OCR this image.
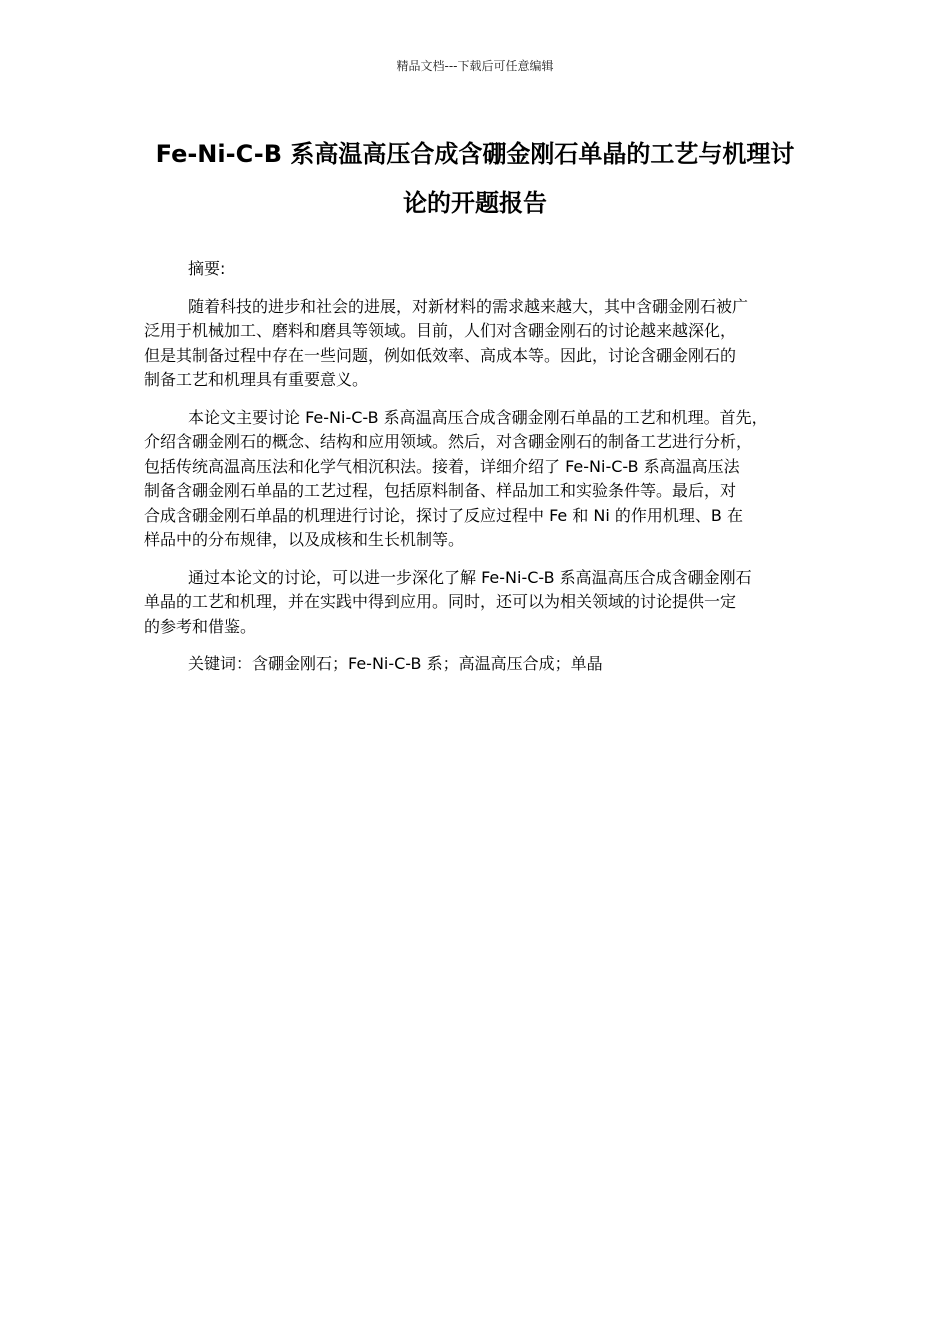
精品文档---下载后可任意编辑
Fe-Ni-C-B 系高温高压合成含硼金刚石单晶的工艺与机理讨
论的开题报告

摘要:

随着科技的进步和社会的进展，对新材料的需求越来越大，其中含硼金刚石被广
泛用于机械加工、磨料和磨具等领域。目前，人们对含硼金刚石的讨论越来越深化，
但是其制备过程中存在一些问题，例如低效率、高成本等。因此，讨论含硼金刚石的
制备工艺和机理具有重要意义。

本论文主要讨论 Fe-Ni-C-B 系高温高压合成含硼金刚石单晶的工艺和机理。首先，
介绍含硼金刚石的概念、结构和应用领域。然后，对含硼金刚石的制备工艺进行分析，
包括传统高温高压法和化学气相沉积法。接着，详细介绍了 Fe-Ni-C-B 系高温高压法
制备含硼金刚石单晶的工艺过程，包括原料制备、样品加工和实验条件等。最后，对
合成含硼金刚石单晶的机理进行讨论，探讨了反应过程中 Fe 和 Ni 的作用机理、B 在
样品中的分布规律，以及成核和生长机制等。

通过本论文的讨论，可以进一步深化了解 Fe-Ni-C-B 系高温高压合成含硼金刚石
单晶的工艺和机理，并在实践中得到应用。同时，还可以为相关领域的讨论提供一定
的参考和借鉴。

关键词：含硼金刚石；Fe-Ni-C-B 系；高温高压合成；单晶
